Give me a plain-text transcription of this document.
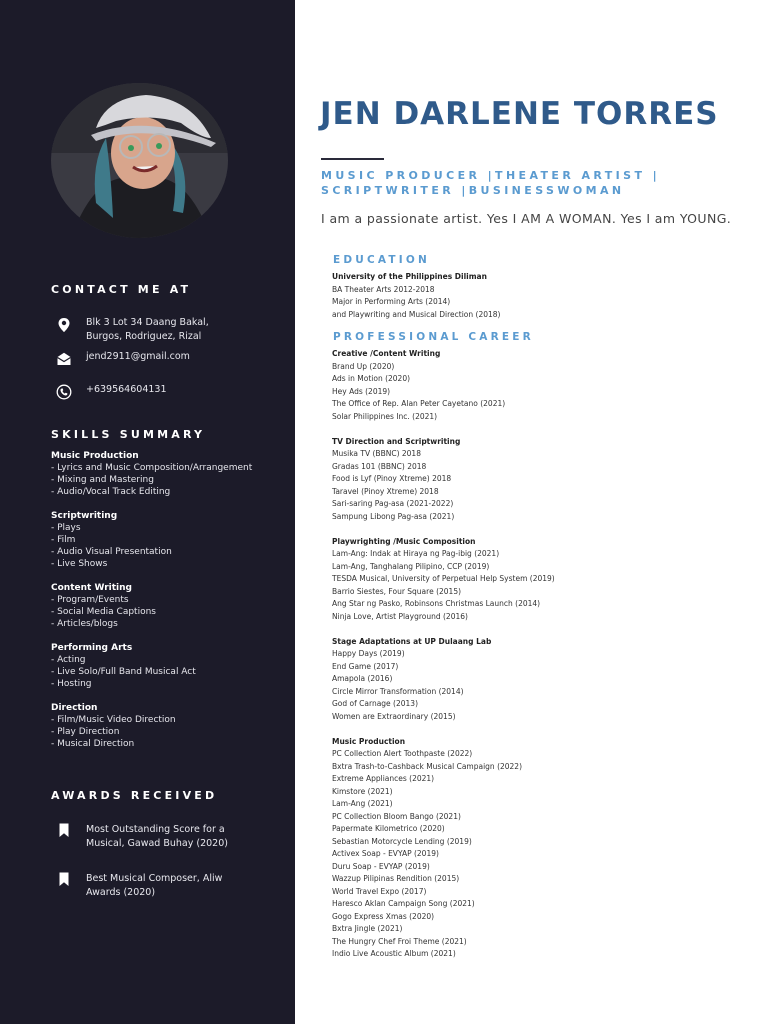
CONTACT ME AT
Blk 3 Lot 34 Daang Bakal, Burgos, Rodriguez, Rizal
jend2911@gmail.com
+639564604131
SKILLS SUMMARY
Music Production
- Lyrics and Music Composition/Arrangement
- Mixing and Mastering
- Audio/Vocal Track Editing
Scriptwriting
- Plays
- Film
- Audio Visual Presentation
- Live Shows
Content Writing
- Program/Events
- Social Media Captions
- Articles/blogs
Performing Arts
- Acting
- Live Solo/Full Band Musical Act
- Hosting
Direction
- Film/Music Video Direction
- Play Direction
- Musical Direction
AWARDS RECEIVED
Most Outstanding Score for a Musical, Gawad Buhay (2020)
Best Musical Composer, Aliw Awards (2020)
JEN DARLENE TORRES
MUSIC PRODUCER |THEATER ARTIST | SCRIPTWRITER |BUSINESSWOMAN
I am a passionate artist. Yes I AM A WOMAN. Yes I am YOUNG.
EDUCATION
University of the Philippines Diliman
BA Theater Arts 2012-2018
Major in Performing Arts (2014)
and Playwriting and Musical Direction (2018)
PROFESSIONAL CAREER
Creative /Content Writing
Brand Up (2020)
Ads in Motion (2020)
Hey Ads (2019)
The Office of Rep. Alan Peter Cayetano (2021)
Solar Philippines Inc. (2021)
TV Direction and Scriptwriting
Musika TV (BBNC) 2018
Gradas 101 (BBNC) 2018
Food is Lyf (Pinoy Xtreme) 2018
Taravel (Pinoy Xtreme) 2018
Sari-saring Pag-asa (2021-2022)
Sampung Libong Pag-asa (2021)
Playwrighting /Music Composition
Lam-Ang: Indak at Hiraya ng Pag-ibig (2021)
Lam-Ang, Tanghalang Pilipino, CCP (2019)
TESDA Musical, University of Perpetual Help System (2019)
Barrio Siestes, Four Square (2015)
Ang Star ng Pasko, Robinsons Christmas Launch (2014)
Ninja Love, Artist Playground (2016)
Stage Adaptations at UP Dulaang Lab
Happy Days (2019)
End Game (2017)
Amapola (2016)
Circle Mirror Transformation (2014)
God of Carnage (2013)
Women are Extraordinary (2015)
Music Production
PC Collection Alert Toothpaste (2022)
Bxtra Trash-to-Cashback Musical Campaign (2022)
Extreme Appliances (2021)
Kimstore (2021)
Lam-Ang (2021)
PC Collection Bloom Bango (2021)
Papermate Kilometrico (2020)
Sebastian Motorcycle Lending (2019)
Activex Soap - EVYAP (2019)
Duru Soap - EVYAP (2019)
Wazzup Pilipinas Rendition (2015)
World Travel Expo (2017)
Haresco Aklan Campaign Song (2021)
Gogo Express Xmas (2020)
Bxtra Jingle (2021)
The Hungry Chef Froi Theme (2021)
Indio Live Acoustic Album (2021)
